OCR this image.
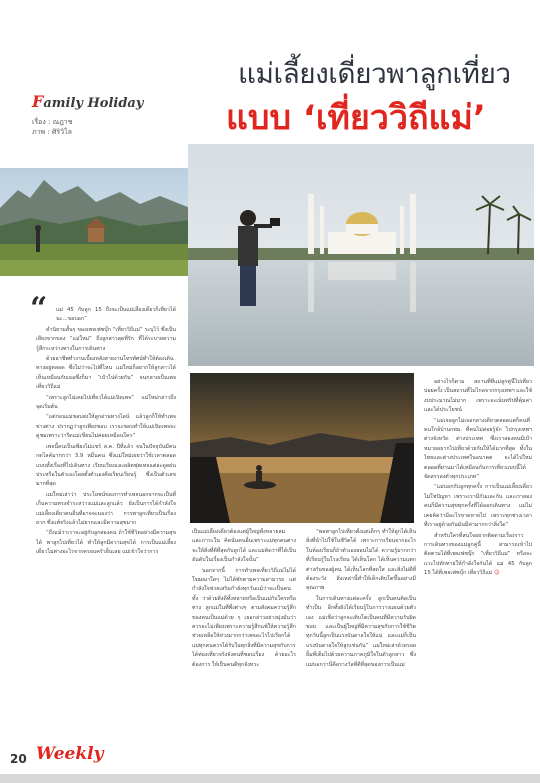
แม่เลี้ยงเดี่ยวพาลูกเที่ยว
แบบ ‘เที่ยววิถีแม่’
Family Holiday
เรื่อง : ณฎาช
ภาพ : ศิริวิไล
“	แม่ 45 กับลูก 15 ถึงจะเป็นแม่เลี้ยงเดี่ยวก็เที่ยวได้นะ...ขอบอก”

คำนิยามสั้นๆ ของเพจเฟซบุ๊ก “เที่ยววิถีแม่” ระบุไว้ ซึ่งเป็นเสียงจากของ “แม่ใหม่” ถึงลูกสาวสุดที่รัก ที่ได้ระบายความรู้สึกระหว่างทางในการเดินทาง

ด้วยอาชีพทำงานเบื้องหลังสายงานโทรทัศน์ทำให้ต้องเดินทางอยู่ตลอด ซึ่งไม่ว่าจะไปที่ไหน แม่ใหม่ก็อยากให้ลูกสาวได้เห็นเหมือนกับเธอซึ่งก็มา “เป้าไปด้วยกัน” จนกลายเป็นเพจเที่ยววิถีแม่

“เพราะลูกไม่เคยไปเที่ยวได้แม่เปิดเพจ” แม่ใหม่กล่าวถึงจุดเริ่มต้น

“แต่ก่อนแม่ชอบส่งให้ลูกอ่านทางไลน์ แล้วลูกก็ให้ทำเพจ ข่างต่าง ปรากฏว่าลูกเพียงชอบ เราจะชอบทำให้แม่เปิดเพจจะดูชมเพราะว่ารีดแม่เขียนไม่ค่อยเหมือนใคร”

เพจนี้คนเป็นเพียงไม่แชร์ ส.ค. ปีที่แล้ว จนในปัจจุบันมีคนกดไลค์มากกว่า 3.9 หมื่นคน ซึ่งแม่ใหม่เผยว่าใช้เวลาตลอดแบบทั้งเรื่องที่ไปเดินทาง เรียบเรียงและผลิตฟุตเทจแต่ละดูดฝนประหรือในตัวเองโดยตั้งตัวเองคือเรียนเรียนรู้ ซึ่งเป็นตัวเลขมากที่สุด

แม่ใหม่เล่าว่า ประโยชน์ของการทำเพจนอกจากจะเป็นที่เก็บความทรงจำระหว่างแม่และลูกแล้ว ยังเป็นการได้กำลังใจแม่เลี้ยงเดี่ยวคนอื่นที่อาจจะมองว่า การพาลูกเที่ยวเป็นเรื่องยาก ซึ่งแท้จริงแล้วไม่ยากและมีความสุขมาก

“ถึงแม้ว่าเราจะอยู่กับลูกสองคน ถ้าใช้ชีวิตอย่างมีความสุขได้ พาลูกไปเที่ยวได้ ทำให้ลูกมีความสุขได้ การเป็นแม่เลี้ยงเดี่ยวไม่ต่างอะไรจากครอบครัวอื่นเลย แม่เข้าใจว่าการ

เป็นแม่เลี้ยงเดี่ยวต้องแต่ผู้ใหญ่ทั้งหลายลม และภาระใน คิดนั่นคนอื่นเพราะแม่ทุกคนต่างจะให้สิ่งที่ดีที่สุดกับลูกได้ และแม่คิดว่าที่ได้เป็นอันดับในเรื่องเป็นกำลังใจนั้น”

นอกจากนี้ การทำเพจเที่ยววิถีแม่ไม่ได้โฆษณาใดๆ ไม่ได้พักตามความสามารถ แต่กำลังใจช่วยเสริมกำลังทุกวันแม้ว่าจะเป็นคนทั้ง ว่าด้วยสิ่งดีทั้งหลายหรือเป็นแม่กับใครหรือทาง ลูกแม่ในที่พึ่งต่างๆ ตามสังคมความรู้สึกของคนเป็นแม่ด้วย ๆ เธอกล่าวอย่างมุ่งมั่นว่าควรจะไม่เพียงเพราะความรู้สึกแพ้ให้ความรู้สึกช่วยเหลือให้ห่วงมากกว่าเพจอะไรไปเรียกได้แม่ทุกคนควรได้รับในทุกสิ่งที่มีความสุขกับการได้ท่องเที่ยวจริงจังคนที่ชอบเรื่อง ด้วยอะไรต้องการ ให้เป็นคนดีทุกจังหวะ

“พอพาลูกไปเที่ยวตั้งแต่เด็กๆ ทำให้ลูกได้เห็นสิ่งที่นำไปใช้ในชีวิตได้ เพราะการเรียนจากอะไรในห้องเรียนก็ถ้าตัวเองสอนไม่ได้ ความรู้มากกว่าที่เรียนรู้ในโรงเรียน ได้เห็นโลก ได้เห็นความแตกต่างกันของผู้คน ได้เห็นโลกที่สดใส และสิ่งไม่ดีที่ต้องระวัง สิ่งเหล่านี้ทำให้เด็กเติบโตขึ้นอย่างมีคุณภาพ

ในการเดินทางแต่ละครั้ง ลูกเป็นคนคิดเป็นทำเป็น อีกทั้งยังได้เรียนรู้ในการวางแผนด้วยตัวเอง แม่เชื่อว่าลูกจะเติบโตเป็นคนที่มีความรับผิดชอบ และเป็นผู้ใหญ่ที่มีความสุขกับการใช้ชีวิต ทุกวันนี้ลูกเป็นแรงบันดาลใจให้แม่ และแม่ก็เป็นแรงบันดาลใจให้ลูกเช่นกัน” แม่ใหม่เล่าด้วยรอยยิ้มที่เต็มไปด้วยความภาคภูมิใจในตัวลูกสาว ซึ่งแม่บอกว่านี่คือรางวัลที่ดีที่สุดของการเป็นแม่

อย่างไรก็ตาม สถานที่ที่แม่ลูกคู่นี้ไปเที่ยวบ่อยครั้ง เป็นสถานที่ไม่ไกลจากกรุงเทพฯ และใช้งบประมาณไม่มาก เพราะจะเน้นทริปที่คุ้มค่าและได้ประโยชน์

“แม่เจอลูกไม่เจอกลางเดียวตลอดแต่ก็คนที่คนใกล้บ้านกทม. ที่คนไม่ค่อยรู้จัก ไปกรุงเทพฯ ต่างจังหวัด ต่างประเทศ ซึ่งเราสองคนมีเป้าหมายอยากไปเที่ยวด้วยกันให้ได้มากที่สุด ทั้งในไทยและต่างประเทศในอนาคต จะได้ไปใหม่ตลอดที่ผ่านมาได้เหมือนกันการเที่ยวแบบนี้ได้จัดสรรลงตัวทุกประเภท”

“แม่บอกกับลูกทุกครั้ง การเป็นแม่เลี้ยงเดี่ยวไม่ใช่ปัญหา เพราะเรามีกันและกัน และเราสองคนก็มีความสุขทุกครั้งที่ได้ออกเดินทาง แม่ไม่เคยคิดว่ามีอะไรขาดหายไป เพราะทุกช่วงเวลาที่เราอยู่ด้วยกันมันมีค่ามากกว่าสิ่งใด”

สำหรับใครที่สนใจอยากติดตามเรื่องราวการเดินทางของแม่ลูกคู่นี้ สามารถเข้าไปติดตามได้ที่เพจเฟซบุ๊ก “เที่ยววิถีแม่” หรือจะแวะไปทักทายให้กำลังใจกันได้ แม่ 45 กับลูก 15 ได้ที่เพจเฟซบุ๊ก เที่ยววิถีแม่ ☺

20 Weekly
